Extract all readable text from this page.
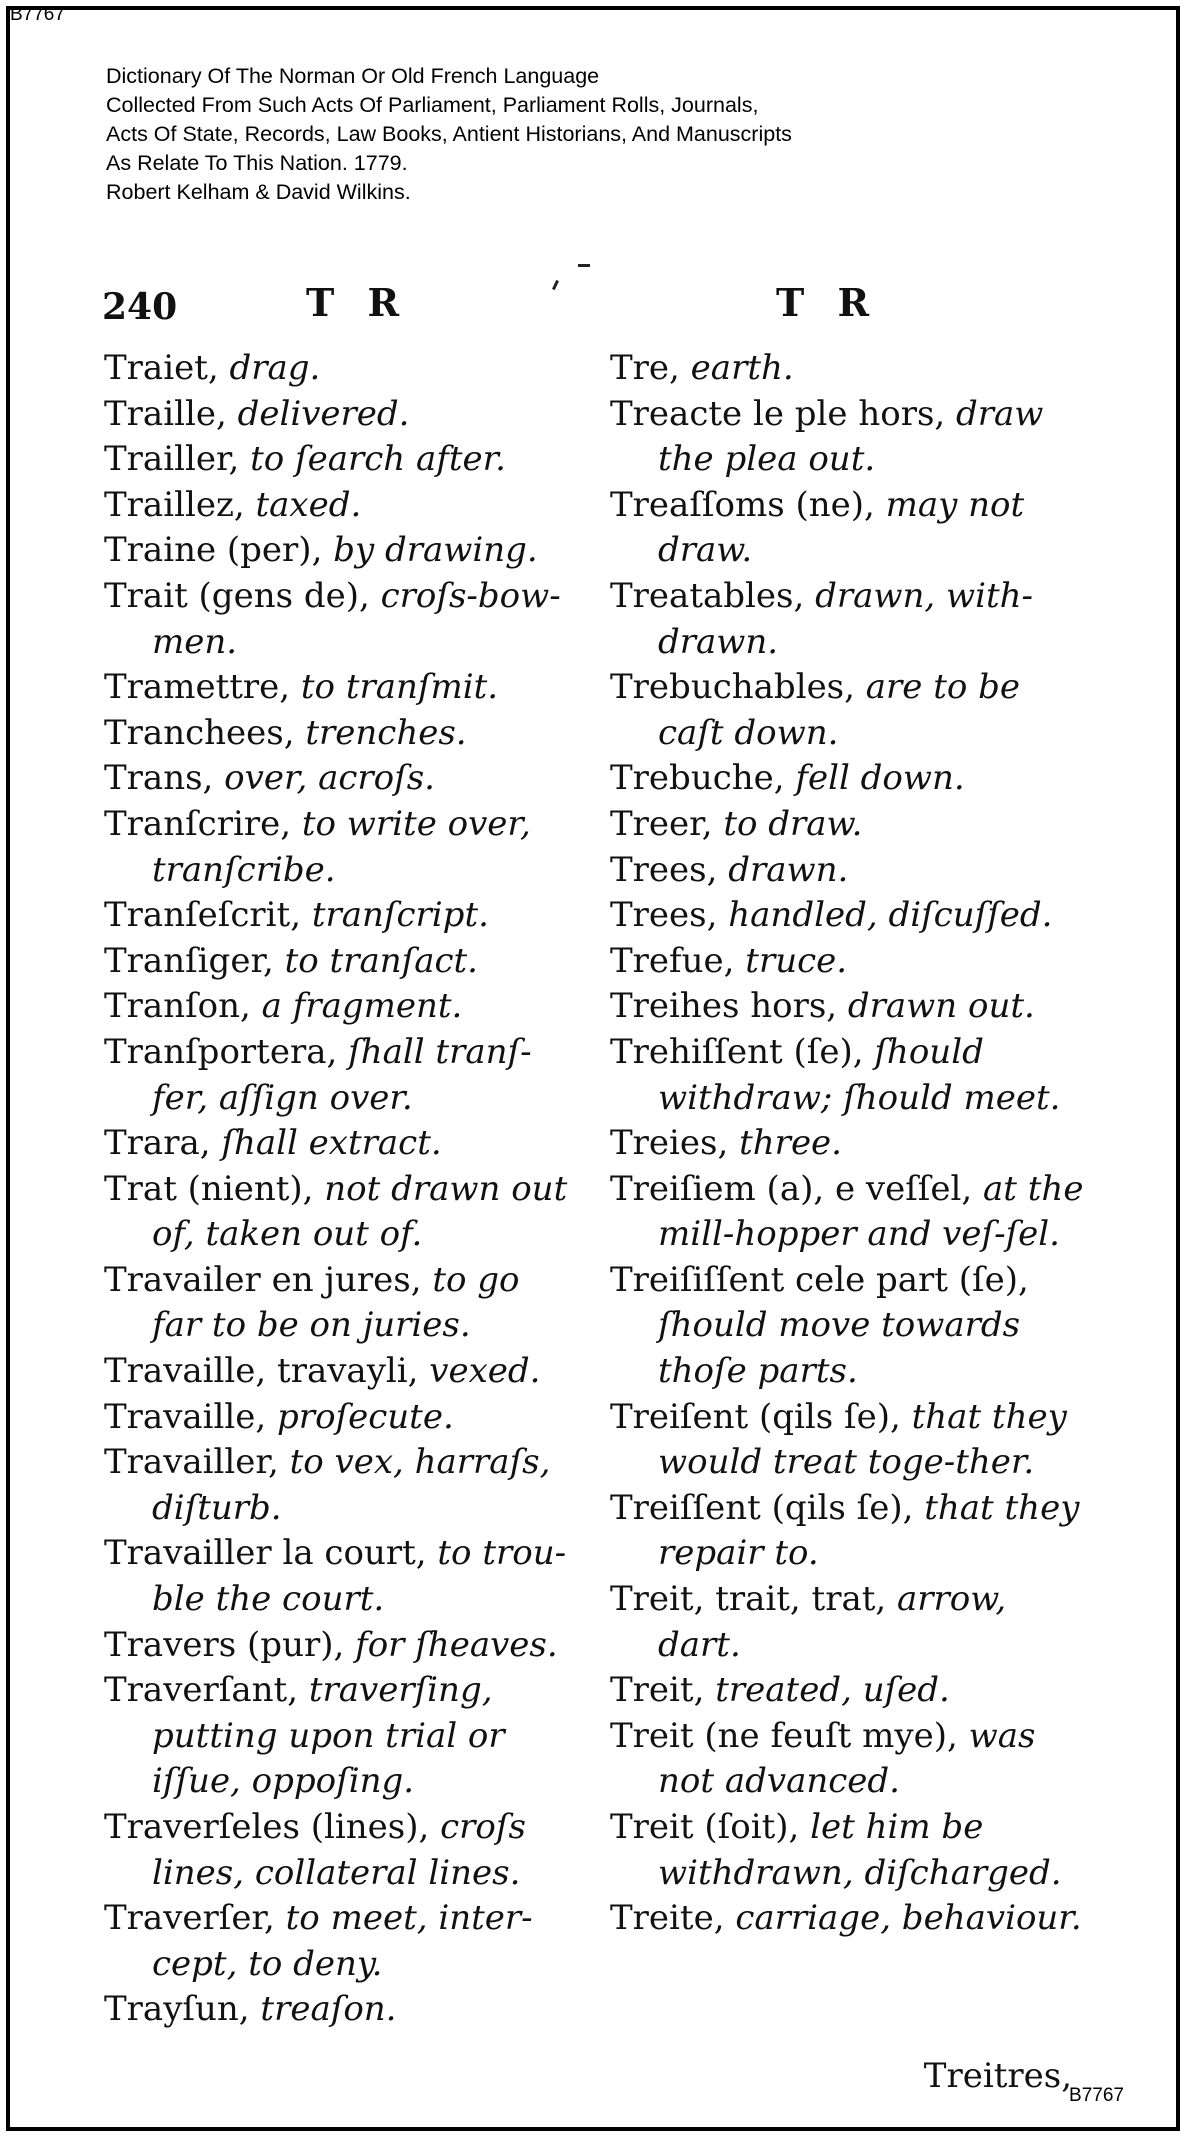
B7767
Dictionary Of The Norman Or Old French Language
Collected From Such Acts Of Parliament, Parliament Rolls, Journals,
Acts Of State, Records, Law Books, Antient Historians, And Manuscripts
As Relate To This Nation. 1779.
Robert Kelham & David Wilkins.
240	T R	T R

Traiet, drag.

Traille, delivered.

Trailler, to ſearch after.

Traillez, taxed.

Traine (per), by drawing.

Trait (gens de), croſs-bow-men.

Tramettre, to tranſmit.

Tranchees, trenches.

Trans, over, acroſs.

Tranſcrire, to write over, tranſcribe.

Tranſeſcrit, tranſcript.

Tranſiger, to tranſact.

Tranſon, a fragment.

Tranſportera, ſhall tranſ-fer, aſſign over.

Trara, ſhall extract.

Trat (nient), not drawn out of, taken out of.

Travailer en jures, to go far to be on juries.

Travaille, travayli, vexed.

Travaille, proſecute.

Travailler, to vex, harraſs, diſturb.

Travailler la court, to trou-ble the court.

Travers (pur), for ſheaves.

Traverſant, traverſing, putting upon trial or iſſue, oppoſing.

Traverſeles (lines), croſs lines, collateral lines.

Traverſer, to meet, inter-cept, to deny.

Trayſun, treaſon.

Tre, earth.

Treacte le ple hors, draw the plea out.

Treaſſoms (ne), may not draw.

Treatables, drawn, with-drawn.

Trebuchables, are to be caſt down.

Trebuche, fell down.

Treer, to draw.

Trees, drawn.

Trees, handled, diſcuſſed.

Trefue, truce.

Treihes hors, drawn out.

Trehiſſent (ſe), ſhould withdraw; ſhould meet.

Treies, three.

Treiſiem (a), e veſſel, at the mill-hopper and veſ-ſel.

Treiſiſſent cele part (ſe), ſhould move towards thoſe parts.

Treiſent (qils ſe), that they would treat toge-ther.

Treiſſent (qils ſe), that they repair to.

Treit, trait, trat, arrow, dart.

Treit, treated, uſed.

Treit (ne feuſt mye), was not advanced.

Treit (ſoit), let him be withdrawn, diſcharged.

Treite, carriage, behaviour.

Treitres,
B7767
